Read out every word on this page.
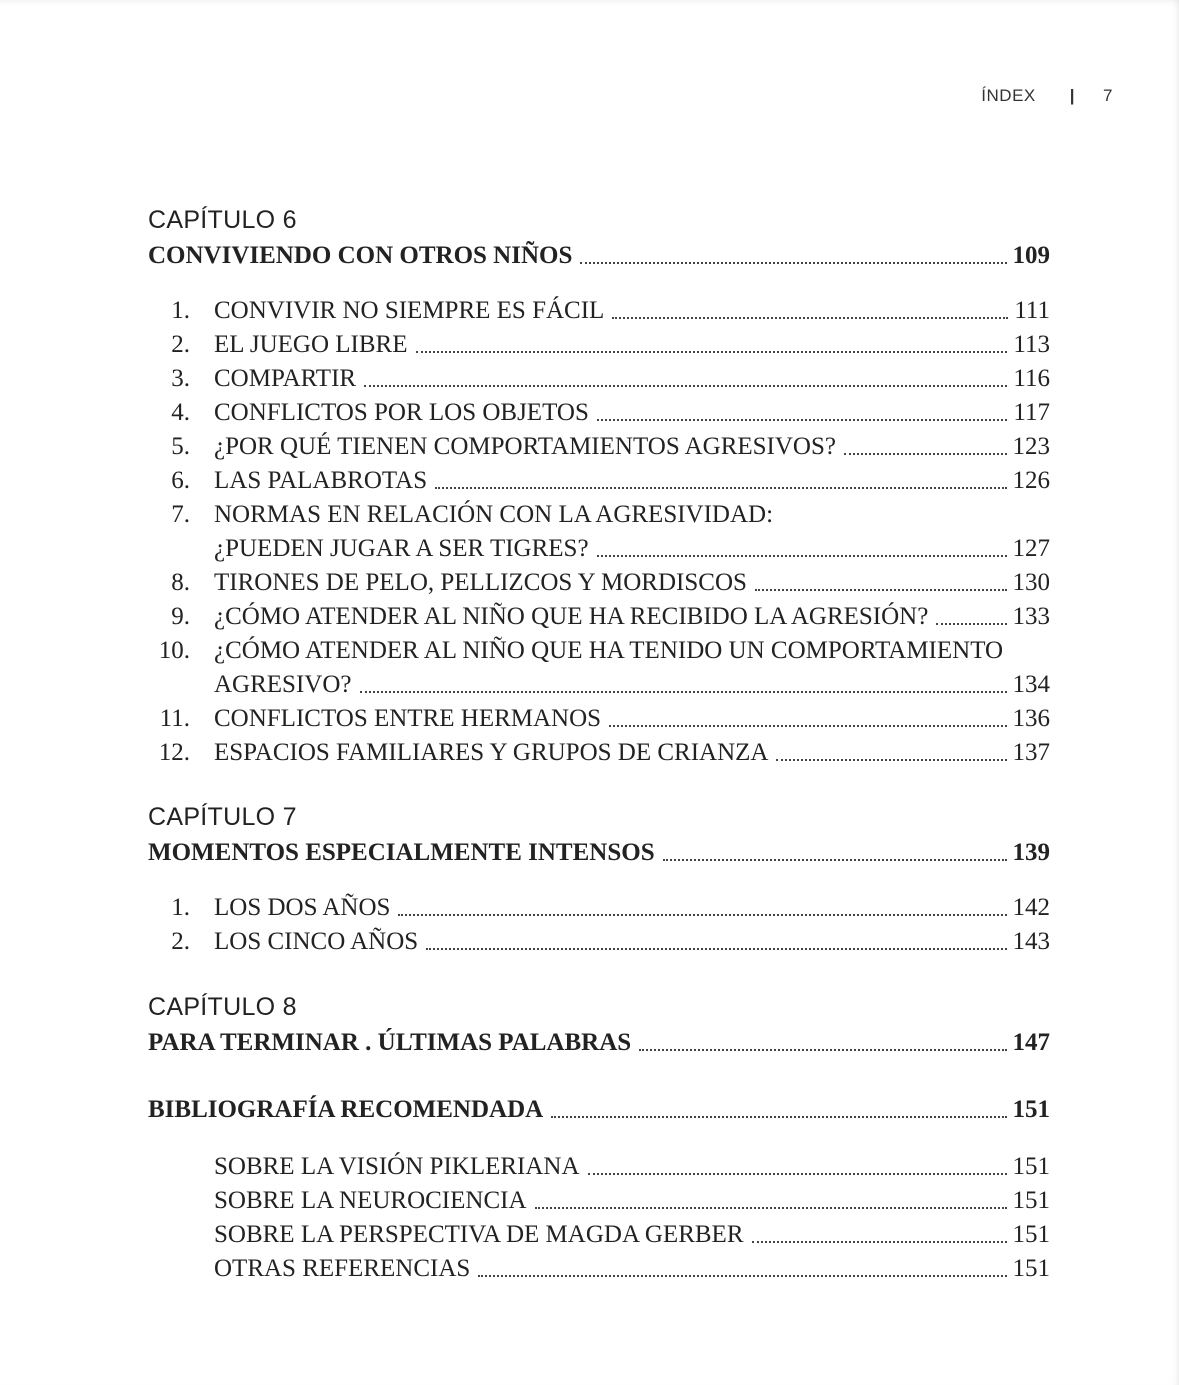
ÍNDEX | 7
CAPÍTULO 6
CONVIVIENDO CON OTROS NIÑOS	109
1. CONVIVIR NO SIEMPRE ES FÁCIL	111
2. EL JUEGO LIBRE	113
3. COMPARTIR	116
4. CONFLICTOS POR LOS OBJETOS	117
5. ¿POR QUÉ TIENEN COMPORTAMIENTOS AGRESIVOS?	123
6. LAS PALABROTAS	126
7. NORMAS EN RELACIÓN CON LA AGRESIVIDAD:
¿PUEDEN JUGAR A SER TIGRES?	127
8. TIRONES DE PELO, PELLIZCOS Y MORDISCOS	130
9. ¿CÓMO ATENDER AL NIÑO QUE HA RECIBIDO LA AGRESIÓN?	133
10. ¿CÓMO ATENDER AL NIÑO QUE HA TENIDO UN COMPORTAMIENTO
AGRESIVO?	134
11. CONFLICTOS ENTRE HERMANOS	136
12. ESPACIOS FAMILIARES Y GRUPOS DE CRIANZA	137
CAPÍTULO 7
MOMENTOS ESPECIALMENTE INTENSOS	139
1. LOS DOS AÑOS	142
2. LOS CINCO AÑOS	143
CAPÍTULO 8
PARA TERMINAR . ÚLTIMAS PALABRAS	147
BIBLIOGRAFÍA RECOMENDADA	151
SOBRE LA VISIÓN PIKLERIANA	151
SOBRE LA NEUROCIENCIA	151
SOBRE LA PERSPECTIVA DE MAGDA GERBER	151
OTRAS REFERENCIAS	151
